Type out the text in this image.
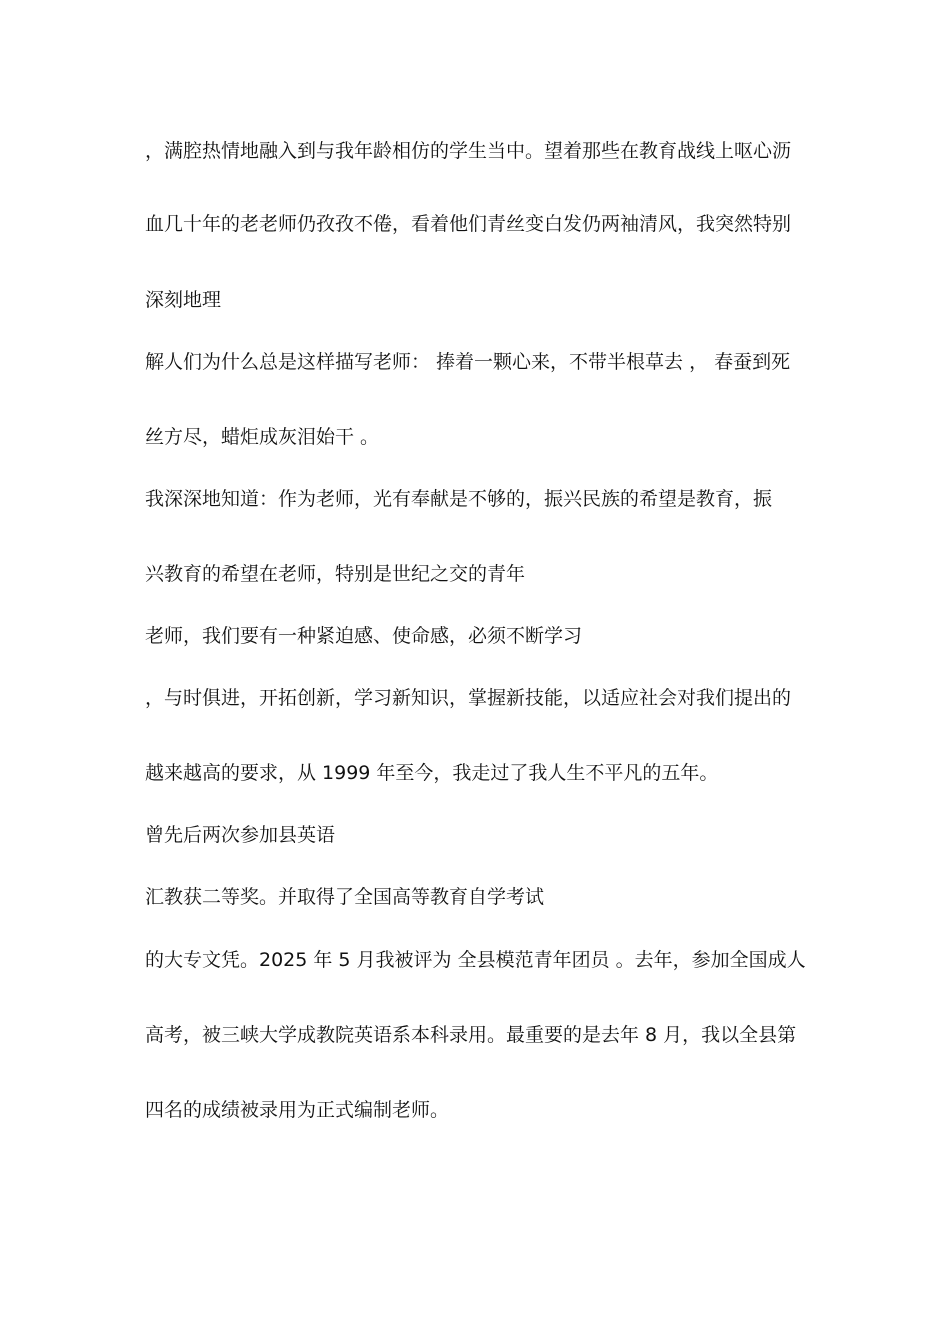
，满腔热情地融入到与我年龄相仿的学生当中。望着那些在教育战线上呕心沥
血几十年的老老师仍孜孜不倦，看着他们青丝变白发仍两袖清风，我突然特别
深刻地理
解人们为什么总是这样描写老师： 捧着一颗心来，不带半根草去 ， 春蚕到死
丝方尽，蜡炬成灰泪始干 。
我深深地知道：作为老师，光有奉献是不够的，振兴民族的希望是教育，振
兴教育的希望在老师，特别是世纪之交的青年
老师，我们要有一种紧迫感、使命感，必须不断学习
，与时俱进，开拓创新，学习新知识，掌握新技能，以适应社会对我们提出的
越来越高的要求，从 1999 年至今，我走过了我人生不平凡的五年。
曾先后两次参加县英语
汇教获二等奖。并取得了全国高等教育自学考试
的大专文凭。2025 年 5 月我被评为 全县模范青年团员 。去年，参加全国成人
高考，被三峡大学成教院英语系本科录用。最重要的是去年 8 月，我以全县第
四名的成绩被录用为正式编制老师。
